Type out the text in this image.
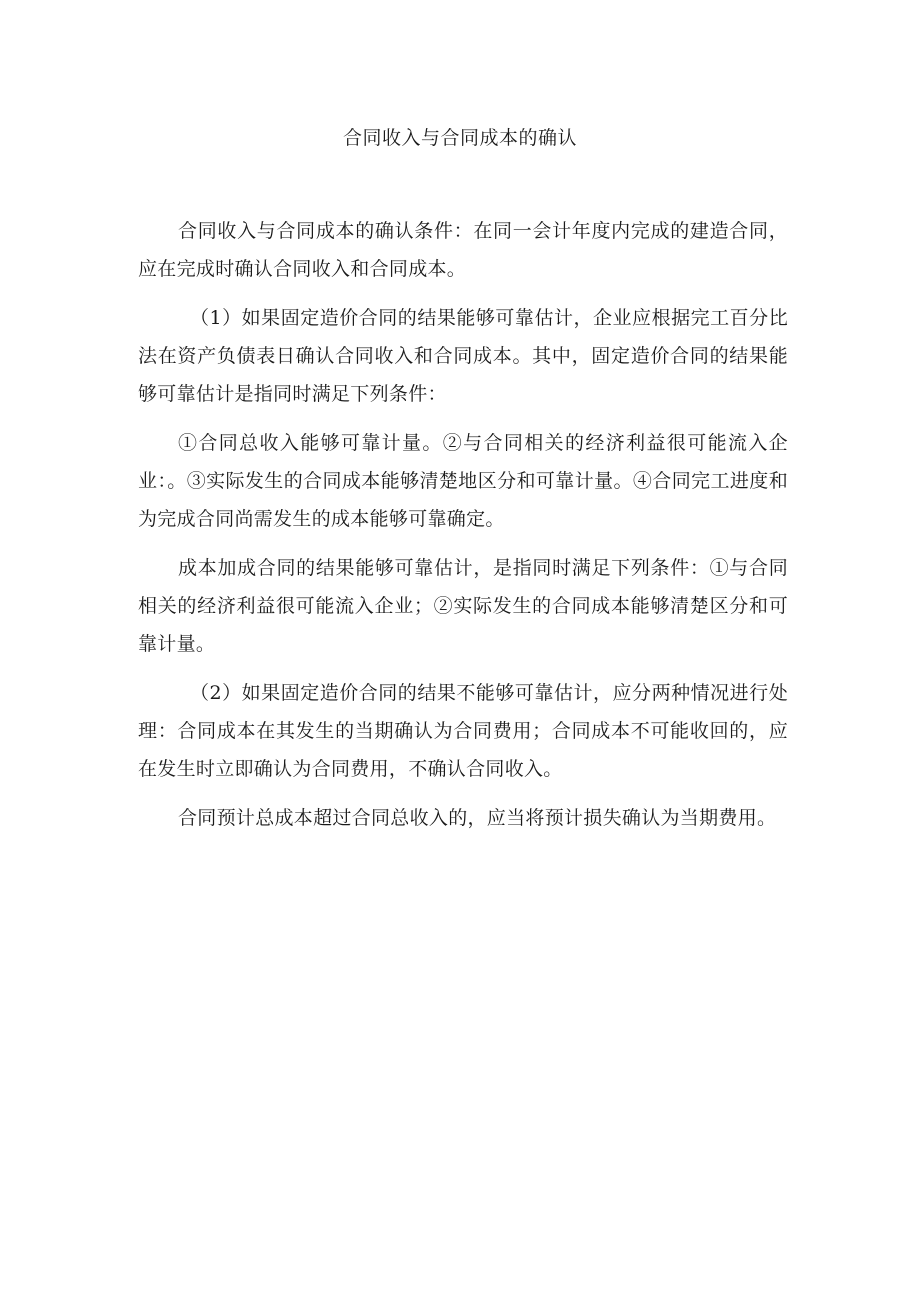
合同收入与合同成本的确认

合同收入与合同成本的确认条件：在同一会计年度内完成的建造合同，应在完成时确认合同收入和合同成本。

（1）如果固定造价合同的结果能够可靠估计，企业应根据完工百分比法在资产负债表日确认合同收入和合同成本。其中，固定造价合同的结果能够可靠估计是指同时满足下列条件：

①合同总收入能够可靠计量。②与合同相关的经济利益很可能流入企业：。③实际发生的合同成本能够清楚地区分和可靠计量。④合同完工进度和为完成合同尚需发生的成本能够可靠确定。

成本加成合同的结果能够可靠估计，是指同时满足下列条件：①与合同相关的经济利益很可能流入企业；②实际发生的合同成本能够清楚区分和可靠计量。

（2）如果固定造价合同的结果不能够可靠估计，应分两种情况进行处理：合同成本在其发生的当期确认为合同费用；合同成本不可能收回的，应在发生时立即确认为合同费用，不确认合同收入。

合同预计总成本超过合同总收入的，应当将预计损失确认为当期费用。
